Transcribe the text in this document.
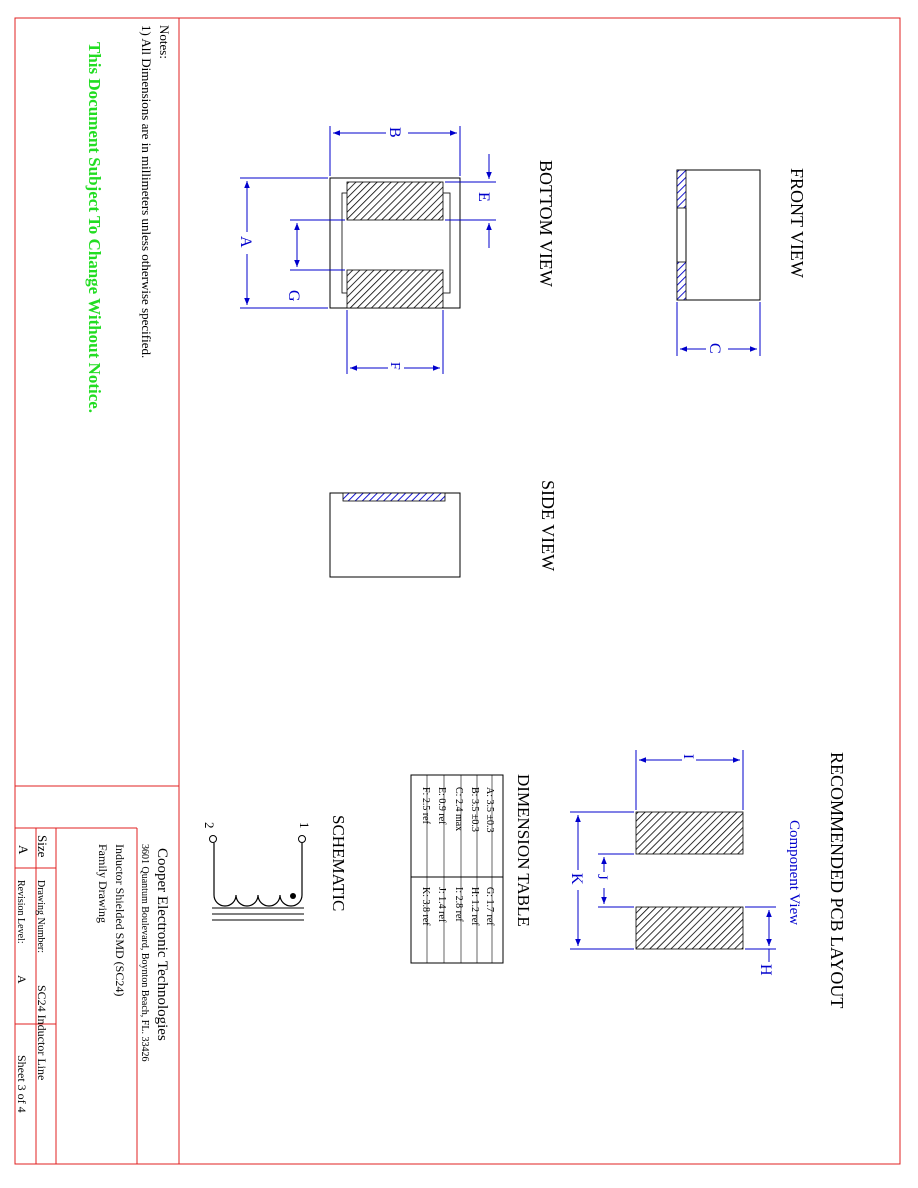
FRONT VIEW
C
BOTTOM VIEW
B
A
G
E
F
SIDE VIEW
RECOMMENDED PCB LAYOUT
Component View
I
K J
H
DIMENSION TABLE
A: 3.5 ±0.3
B: 3.5 ±0.3
C: 2.4 max
E: 0.9 ref
F: 2.5 ref
G: 1.7 ref
H: 1.2 ref
I: 2.8 ref
J: 1.4 ref
K: 3.8 ref
SCHEMATIC
1
2
Notes:
1) All Dimensions are in millimeters unless otherwise specified.
This Document Subject To Change Without Notice.
Cooper Electronic Technologies
3601 Quantum Boulevard, Boynton Beach, FL. 33426
Inductor Shielded SMD (SC24)
Family Drawing
Size
A
Drawing Number:
SC24 Inductor Line
Revision Level:
A
Sheet 3 of 4
